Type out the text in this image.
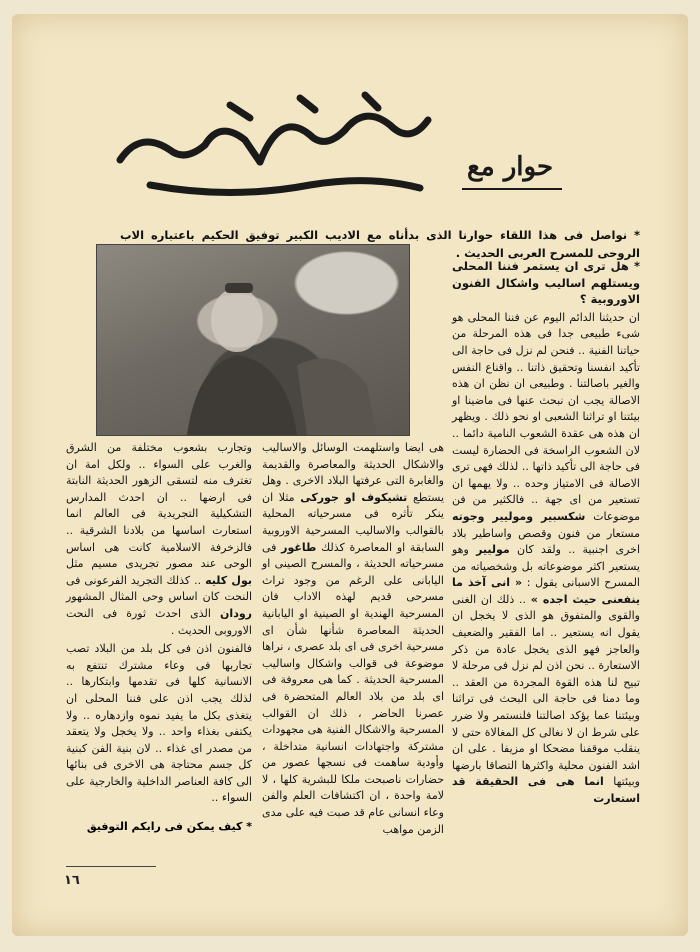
حوار مع
* نواصل فى هذا اللقاء حوارنا الذى بدأناه مع الاديب الكبير توفيق الحكيم باعتباره الاب الروحى للمسرح العربى الحديث .

* هل ترى ان يستمر فننا المحلى ويستلهم اساليب واشكال الفنون الاوروبية ؟

ان حديثنا الدائم اليوم عن فننا المحلى هو شىء طبيعى جدا فى هذه المرحلة من حياتنا الفنية .. فنحن لم نزل فى حاجة الى تأكيد انفسنا وتحقيق ذاتنا .. واقناع النفس والغير باصالتنا . وطبيعى ان نظن ان هذه الاصالة يجب ان نبحث عنها فى ماضينا او بيئتنا او تراثنا الشعبى او نحو ذلك . ويظهر ان هذه هى عقدة الشعوب النامية دائما .. لان الشعوب الراسخة فى الحضارة ليست فى حاجة الى تأكيد ذاتها .. لذلك فهى ترى الاصالة فى الامتياز وحده .. ولا يهمها ان تستعير من اى جهة .. فالكثير من فن موضوعات شكسبير وموليير وجوته مستعار من فنون وقصص واساطير بلاد اخرى اجنبية .. ولقد كان موليير وهو يستعير اكثر موضوعاته بل وشخصياته من المسرح الاسبانى يقول : « انى آخذ ما ينفعنى حيث اجده » .. ذلك ان الغنى والقوى والمتفوق هو الذى لا يخجل ان يقول انه يستعير .. اما الفقير والضعيف والعاجز فهو الذى يخجل عادة من ذكر الاستعارة .. نحن اذن لم نزل فى مرحلة لا تبيح لنا هذه القوة المجردة من العقد .. وما دمنا فى حاجة الى البحث فى تراثنا وبيئتنا عما يؤكد اصالتنا فلنستمر ولا ضرر على شرط ان لا نغالى كل المغالاة حتى لا ينقلب موقفنا مضحكا او مزيفا . على ان اشد الفنون محلية واكثرها التصاقا بارضها وبيئتها انما هى فى الحقيقة قد استعارت

هى ايضا واستلهمت الوسائل والاساليب والاشكال الحديثة والمعاصرة والقديمة والغابرة التى عرفتها البلاد الاخرى . وهل يستطع تشيكوف او جوركى مثلا ان ينكر تأثره فى مسرحياته المحلية بالقوالب والاساليب المسرحية الاوروبية السابقة او المعاصرة كذلك طاغور فى مسرحياته الحديثة ، والمسرح الصينى او اليابانى على الرغم من وجود تراث مسرحى قديم لهذه الاداب فان المسرحية الهندية او الصينية او اليابانية الحديثة المعاصرة شأنها شأن اى مسرحية اخرى فى اى بلد عصرى ، نراها موضوعة فى قوالب واشكال واساليب المسرحية الحديثة . كما هى معروفة فى اى بلد من بلاد العالم المتحضرة فى عصرنا الحاضر ، ذلك ان القوالب المسرحية والاشكال الفنية هى مجهودات مشتركة واجتهادات انسانية متداخلة ، وأودية ساهمت فى نسجها عصور من حضارات ناصبحت ملكا للبشرية كلها ، لا لامة واحدة ، ان اكتشافات العلم والفن وعاء انسانى عام قد صبت فيه على مدى الزمن مواهب

وتجارب بشعوب مختلفة من الشرق والغرب على السواء .. ولكل امة ان تغترف منه لتسقى الزهور الحديثة النابتة فى ارضها .. ان احدث المدارس التشكيلية التجريدية فى العالم انما استعارت اساسها من بلادنا الشرقية .. فالزخرفة الاسلامية كانت هى اساس الوحى عند مصور تجريدى مسيم مثل بول كليه .. كذلك التجريد الفرعونى فى النحت كان اساس وحى المثال المشهور رودان الذى احدث ثورة فى النحت الاوروبى الحديث .

فالفنون اذن فى كل بلد من البلاد تصب تجاربها فى وعاء مشترك تنتفع به الانسانية كلها فى تقدمها وابتكارها .. لذلك يجب اذن على فننا المحلى ان يتغذى بكل ما يفيد نموه وازدهاره .. ولا يكتفى بغذاء واحد .. ولا يخجل ولا يتعقد من مصدر اى غذاء .. لان بنية الفن كبنية كل جسم محتاجة هى الاخرى فى بنائها الى كافة العناصر الداخلية والخارجية على السواء ..

* كيف يمكن فى رايكم التوفيق
١٦
